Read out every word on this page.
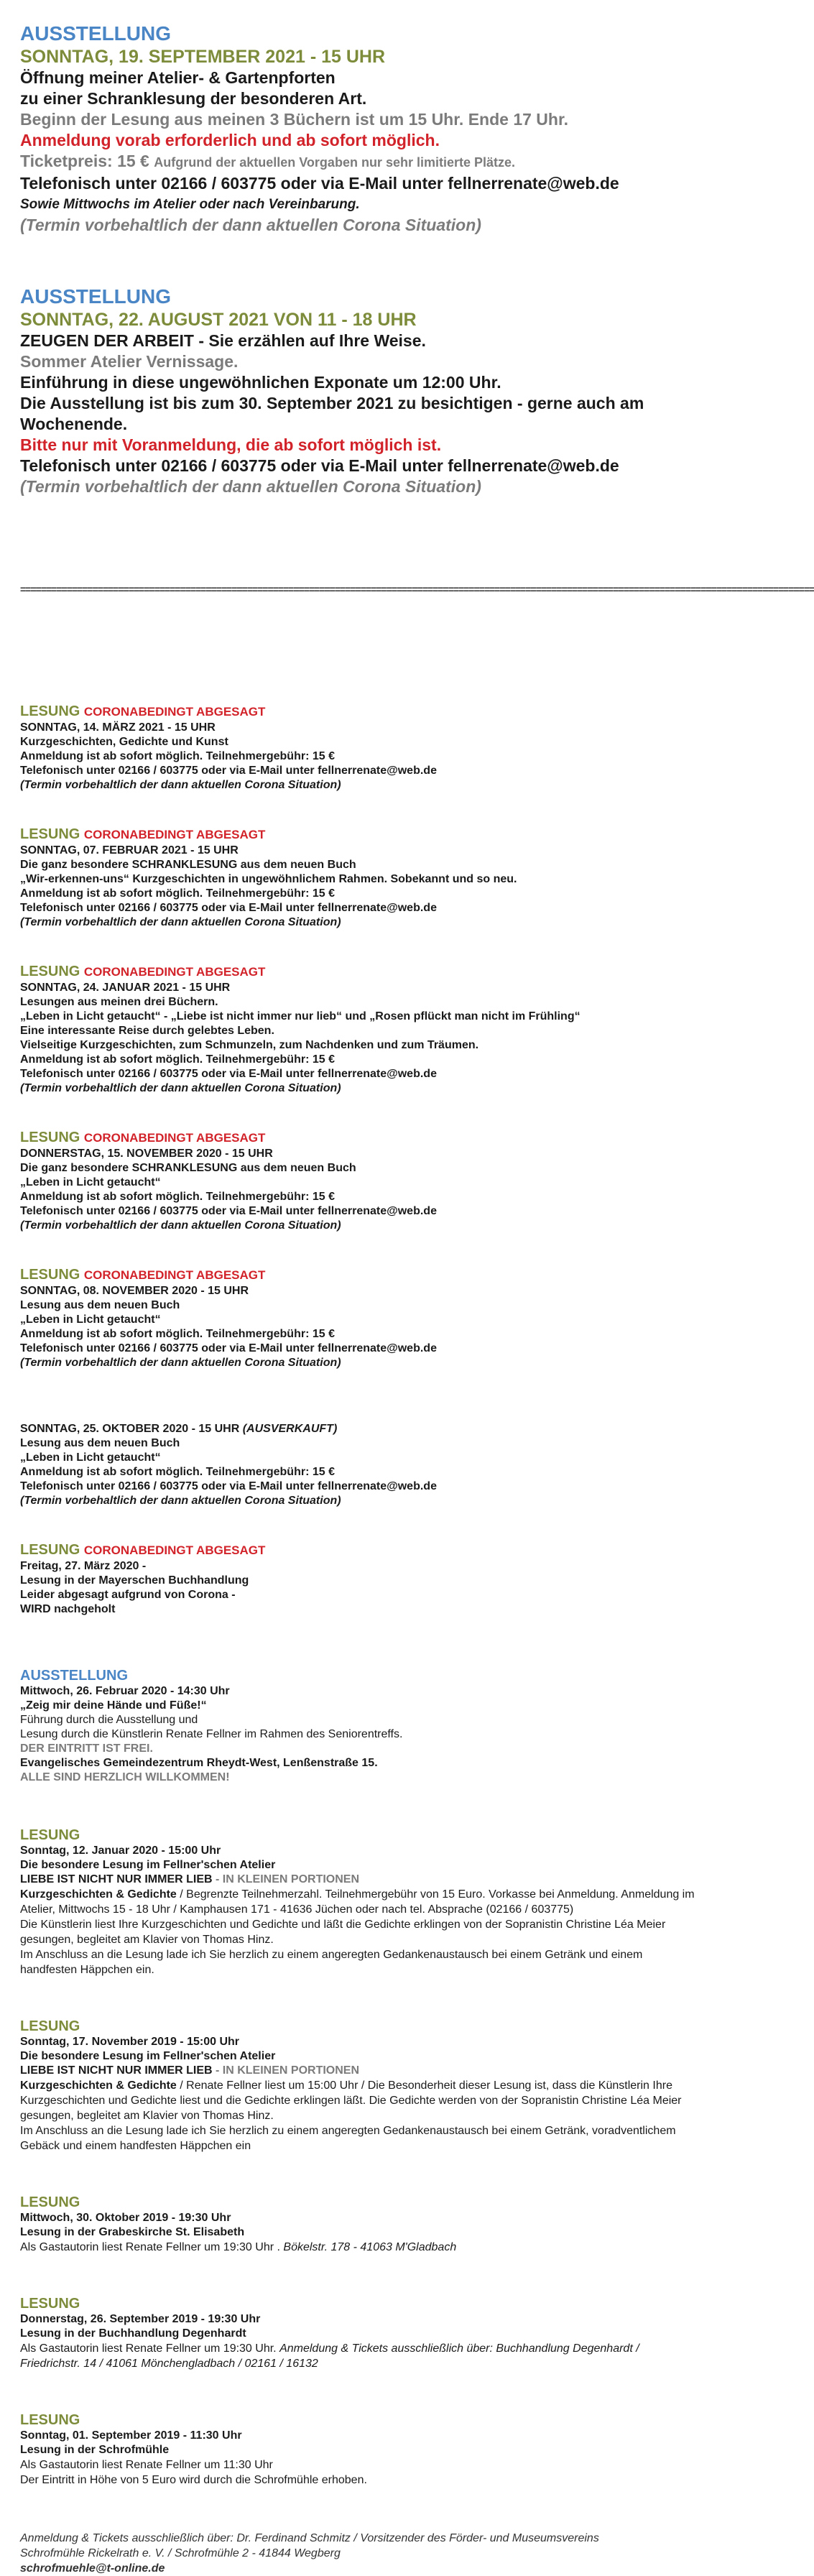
AUSSTELLUNG
SONNTAG, 19. SEPTEMBER 2021 - 15 UHR
Öffnung meiner Atelier- & Gartenpforten
zu einer Schranklesung der besonderen Art.
Beginn der Lesung aus meinen 3 Büchern ist um 15 Uhr. Ende 17 Uhr.
Anmeldung vorab erforderlich und ab sofort möglich.
Ticketpreis: 15 € Aufgrund der aktuellen Vorgaben nur sehr limitierte Plätze.
Telefonisch unter 02166 / 603775 oder via E-Mail unter fellnerrenate@web.de
Sowie Mittwochs im Atelier oder nach Vereinbarung.
(Termin vorbehaltlich der dann aktuellen Corona Situation)
AUSSTELLUNG
SONNTAG, 22. AUGUST 2021 VON 11 - 18 UHR
ZEUGEN DER ARBEIT - Sie erzählen auf Ihre Weise.
Sommer Atelier Vernissage.
Einführung in diese ungewöhnlichen Exponate um 12:00 Uhr.
Die Ausstellung ist bis zum 30. September 2021 zu besichtigen - gerne auch am Wochenende.
Bitte nur mit Voranmeldung, die ab sofort möglich ist.
Telefonisch unter 02166 / 603775 oder via E-Mail unter fellnerrenate@web.de
(Termin vorbehaltlich der dann aktuellen Corona Situation)
==========================================================================================================================================================
LESUNG CORONABEDINGT ABGESAGT
SONNTAG, 14. MÄRZ 2021 - 15 UHR
Kurzgeschichten, Gedichte und Kunst
Anmeldung ist ab sofort möglich. Teilnehmergebühr: 15 €
Telefonisch unter 02166 / 603775 oder via E-Mail unter fellnerrenate@web.de
(Termin vorbehaltlich der dann aktuellen Corona Situation)
LESUNG CORONABEDINGT ABGESAGT
SONNTAG, 07. FEBRUAR 2021 - 15 UHR
Die ganz besondere SCHRANKLESUNG aus dem neuen Buch
„Wir-erkennen-uns“ Kurzgeschichten in ungewöhnlichem Rahmen. Sobekannt und so neu.
Anmeldung ist ab sofort möglich. Teilnehmergebühr: 15 €
Telefonisch unter 02166 / 603775 oder via E-Mail unter fellnerrenate@web.de
(Termin vorbehaltlich der dann aktuellen Corona Situation)
LESUNG CORONABEDINGT ABGESAGT
SONNTAG, 24. JANUAR 2021 - 15 UHR
Lesungen aus meinen drei Büchern.
„Leben in Licht getaucht“ - „Liebe ist nicht immer nur lieb“ und „Rosen pflückt man nicht im Frühling“
Eine interessante Reise durch gelebtes Leben.
Vielseitige Kurzgeschichten, zum Schmunzeln, zum Nachdenken und zum Träumen.
Anmeldung ist ab sofort möglich. Teilnehmergebühr: 15 €
Telefonisch unter 02166 / 603775 oder via E-Mail unter fellnerrenate@web.de
(Termin vorbehaltlich der dann aktuellen Corona Situation)
LESUNG CORONABEDINGT ABGESAGT
DONNERSTAG, 15. NOVEMBER 2020 - 15 UHR
Die ganz besondere SCHRANKLESUNG aus dem neuen Buch
„Leben in Licht getaucht“
Anmeldung ist ab sofort möglich. Teilnehmergebühr: 15 €
Telefonisch unter 02166 / 603775 oder via E-Mail unter fellnerrenate@web.de
(Termin vorbehaltlich der dann aktuellen Corona Situation)
LESUNG CORONABEDINGT ABGESAGT
SONNTAG, 08. NOVEMBER 2020 - 15 UHR
Lesung aus dem neuen Buch
„Leben in Licht getaucht“
Anmeldung ist ab sofort möglich. Teilnehmergebühr: 15 €
Telefonisch unter 02166 / 603775 oder via E-Mail unter fellnerrenate@web.de
(Termin vorbehaltlich der dann aktuellen Corona Situation)
SONNTAG, 25. OKTOBER 2020 - 15 UHR (AUSVERKAUFT)
Lesung aus dem neuen Buch
„Leben in Licht getaucht“
Anmeldung ist ab sofort möglich. Teilnehmergebühr: 15 €
Telefonisch unter 02166 / 603775 oder via E-Mail unter fellnerrenate@web.de
(Termin vorbehaltlich der dann aktuellen Corona Situation)
LESUNG CORONABEDINGT ABGESAGT
Freitag, 27. März 2020 -
Lesung in der Mayerschen Buchhandlung
Leider abgesagt aufgrund von Corona -
WIRD nachgeholt
AUSSTELLUNG
Mittwoch, 26. Februar 2020 - 14:30 Uhr
„Zeig mir deine Hände und Füße!“
Führung durch die Ausstellung und
Lesung durch die Künstlerin Renate Fellner im Rahmen des Seniorentreffs.
DER EINTRITT IST FREI.
Evangelisches Gemeindezentrum Rheydt-West, Lenßenstraße 15.
ALLE SIND HERZLICH WILLKOMMEN!
LESUNG
Sonntag, 12. Januar 2020 - 15:00 Uhr
Die besondere Lesung im Fellner'schen Atelier
LIEBE IST NICHT NUR IMMER LIEB - IN KLEINEN PORTIONEN
Kurzgeschichten & Gedichte / Begrenzte Teilnehmerzahl. Teilnehmergebühr von 15 Euro. Vorkasse bei Anmeldung. Anmeldung im Atelier, Mittwochs 15 - 18 Uhr / Kamphausen 171 - 41636 Jüchen oder nach tel. Absprache (02166 / 603775)
Die Künstlerin liest Ihre Kurzgeschichten und Gedichte und läßt die Gedichte erklingen von der Sopranistin Christine Léa Meier gesungen, begleitet am Klavier von Thomas Hinz.
Im Anschluss an die Lesung lade ich Sie herzlich zu einem angeregten Gedankenaustausch bei einem Getränk und einem handfesten Häppchen ein.
LESUNG
Sonntag, 17. November 2019 - 15:00 Uhr
Die besondere Lesung im Fellner'schen Atelier
LIEBE IST NICHT NUR IMMER LIEB - IN KLEINEN PORTIONEN
Kurzgeschichten & Gedichte / Renate Fellner liest um 15:00 Uhr / Die Besonderheit dieser Lesung ist, dass die Künstlerin Ihre Kurzgeschichten und Gedichte liest und die Gedichte erklingen läßt. Die Gedichte werden von der Sopranistin Christine Léa Meier gesungen, begleitet am Klavier von Thomas Hinz.
Im Anschluss an die Lesung lade ich Sie herzlich zu einem angeregten Gedankenaustausch bei einem Getränk, voradventlichem Gebäck und einem handfesten Häppchen ein
LESUNG
Mittwoch, 30. Oktober 2019 - 19:30 Uhr
Lesung in der Grabeskirche St. Elisabeth
Als Gastautorin liest Renate Fellner um 19:30 Uhr . Bökelstr. 178 - 41063 M'Gladbach
LESUNG
Donnerstag, 26. September 2019 - 19:30 Uhr
Lesung in der Buchhandlung Degenhardt
Als Gastautorin liest Renate Fellner um 19:30 Uhr. Anmeldung & Tickets ausschließlich über: Buchhandlung Degenhardt / Friedrichstr. 14 / 41061 Mönchengladbach / 02161 / 16132
LESUNG
Sonntag, 01. September 2019 - 11:30 Uhr
Lesung in der Schrofmühle
Als Gastautorin liest Renate Fellner um 11:30 Uhr
Der Eintritt in Höhe von 5 Euro wird durch die Schrofmühle erhoben.
Anmeldung & Tickets ausschließlich über: Dr. Ferdinand Schmitz / Vorsitzender des Förder- und Museumsvereins
Schrofmühle Rickelrath e. V. / Schrofmühle 2 - 41844 Wegberg
schrofmuehle@t-online.de
